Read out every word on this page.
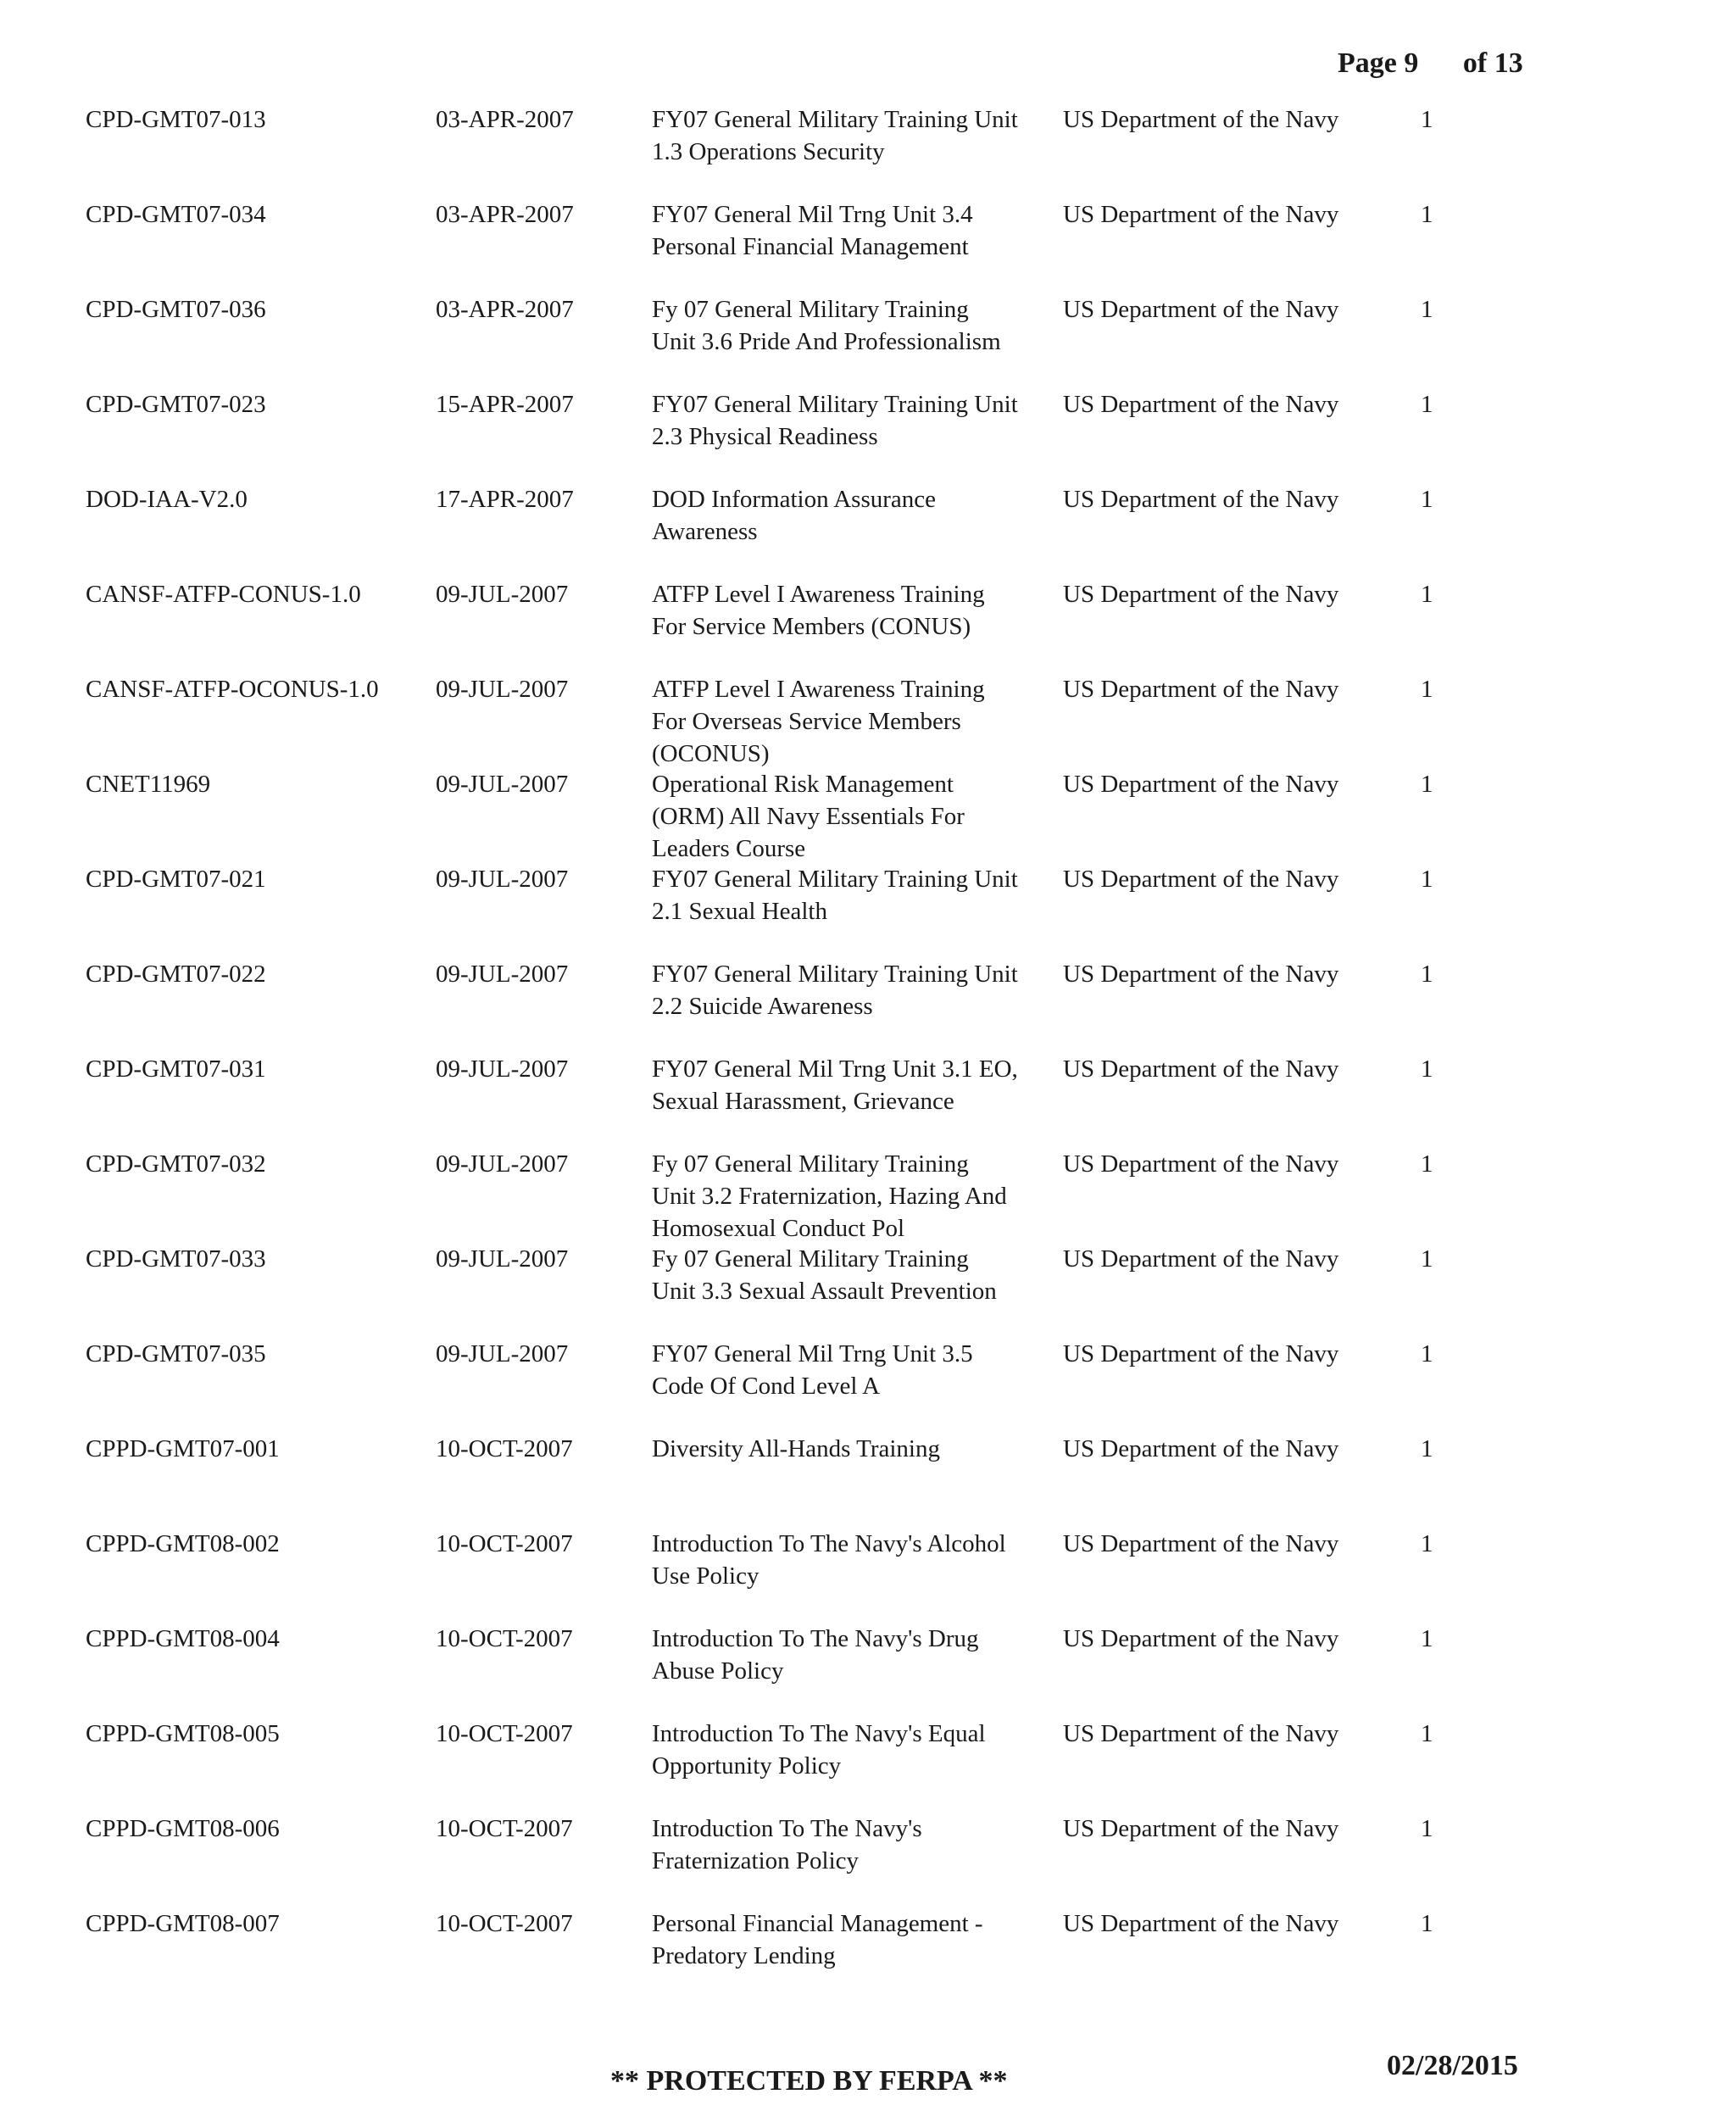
Page 9 of 13
CPD-GMT07-013	03-APR-2007	FY07 General Military Training Unit
1.3 Operations Security
US Department of the Navy	1
CPD-GMT07-034	03-APR-2007	FY07 General Mil Trng Unit 3.4
Personal Financial Management
US Department of the Navy	1
CPD-GMT07-036	03-APR-2007	Fy 07 General Military Training
Unit 3.6 Pride And Professionalism
US Department of the Navy	1
CPD-GMT07-023	15-APR-2007	FY07 General Military Training Unit
2.3 Physical Readiness
US Department of the Navy	1
DOD-IAA-V2.0	17-APR-2007	DOD Information Assurance
Awareness
US Department of the Navy	1
CANSF-ATFP-CONUS-1.0	09-JUL-2007	ATFP Level I Awareness Training
For Service Members (CONUS)
US Department of the Navy	1
CANSF-ATFP-OCONUS-1.0 09-JUL-2007	ATFP Level I Awareness Training
For Overseas Service Members
(OCONUS)
US Department of the Navy	1
CNET11969	09-JUL-2007	Operational Risk Management
(ORM) All Navy Essentials For
Leaders Course
US Department of the Navy	1
CPD-GMT07-021	09-JUL-2007	FY07 General Military Training Unit
2.1 Sexual Health
US Department of the Navy	1
CPD-GMT07-022	09-JUL-2007	FY07 General Military Training Unit
2.2 Suicide Awareness
US Department of the Navy	1
CPD-GMT07-031	09-JUL-2007	FY07 General Mil Trng Unit 3.1 EO,
Sexual Harassment, Grievance
US Department of the Navy	1
CPD-GMT07-032	09-JUL-2007	Fy 07 General Military Training
Unit 3.2 Fraternization, Hazing And
Homosexual Conduct Pol
US Department of the Navy	1
CPD-GMT07-033	09-JUL-2007	Fy 07 General Military Training
Unit 3.3 Sexual Assault Prevention
US Department of the Navy	1
CPD-GMT07-035	09-JUL-2007	FY07 General Mil Trng Unit 3.5
Code Of Cond Level A
US Department of the Navy	1
CPPD-GMT07-001	10-OCT-2007	Diversity All-Hands Training	US Department of the Navy	1
CPPD-GMT08-002	10-OCT-2007	Introduction To The Navy's Alcohol
Use Policy
US Department of the Navy	1
CPPD-GMT08-004	10-OCT-2007	Introduction To The Navy's Drug
Abuse Policy
US Department of the Navy	1
CPPD-GMT08-005	10-OCT-2007	Introduction To The Navy's Equal
Opportunity Policy
US Department of the Navy	1
CPPD-GMT08-006	10-OCT-2007	Introduction To The Navy's
Fraternization Policy
US Department of the Navy	1
CPPD-GMT08-007	10-OCT-2007	Personal Financial Management -
Predatory Lending
US Department of the Navy	1
** PROTECTED BY FERPA **	02/28/2015
